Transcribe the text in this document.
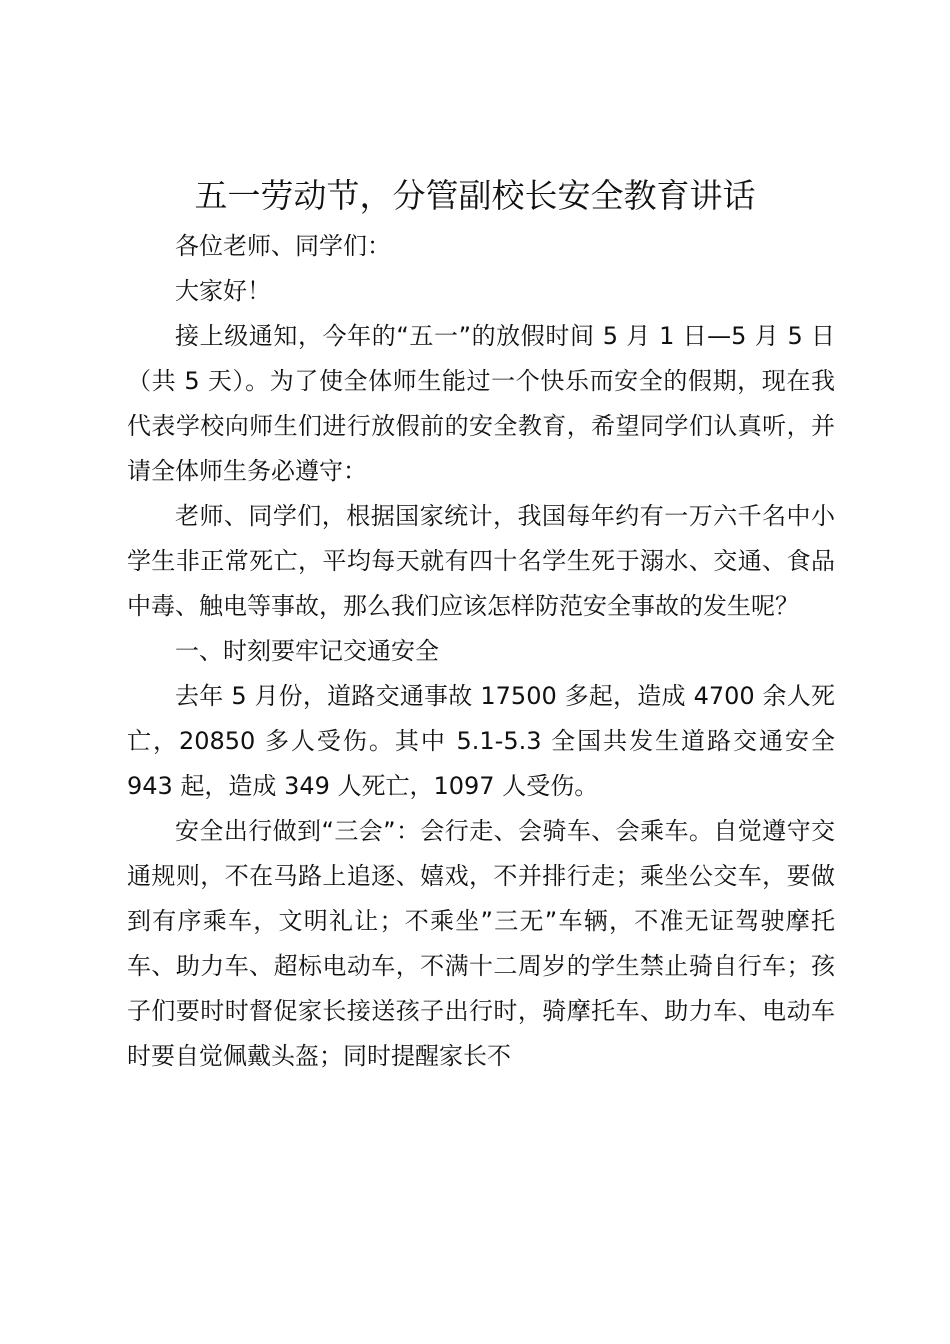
五一劳动节，分管副校长安全教育讲话

各位老师、同学们：

大家好！

接上级通知，今年的“五一”的放假时间 5 月 1 日—5 月 5 日（共 5 天）。为了使全体师生能过一个快乐而安全的假期，现在我代表学校向师生们进行放假前的安全教育，希望同学们认真听，并请全体师生务必遵守：

老师、同学们，根据国家统计，我国每年约有一万六千名中小学生非正常死亡，平均每天就有四十名学生死于溺水、交通、食品中毒、触电等事故，那么我们应该怎样防范安全事故的发生呢？

一、时刻要牢记交通安全

去年 5 月份，道路交通事故 17500 多起，造成 4700 余人死亡，20850 多人受伤。其中 5.1-5.3 全国共发生道路交通安全 943 起，造成 349 人死亡，1097 人受伤。

安全出行做到“三会”：会行走、会骑车、会乘车。自觉遵守交通规则，不在马路上追逐、嬉戏，不并排行走；乘坐公交车，要做到有序乘车，文明礼让；不乘坐”三无”车辆，不准无证驾驶摩托车、助力车、超标电动车，不满十二周岁的学生禁止骑自行车；孩子们要时时督促家长接送孩子出行时，骑摩托车、助力车、电动车时要自觉佩戴头盔；同时提醒家长不
